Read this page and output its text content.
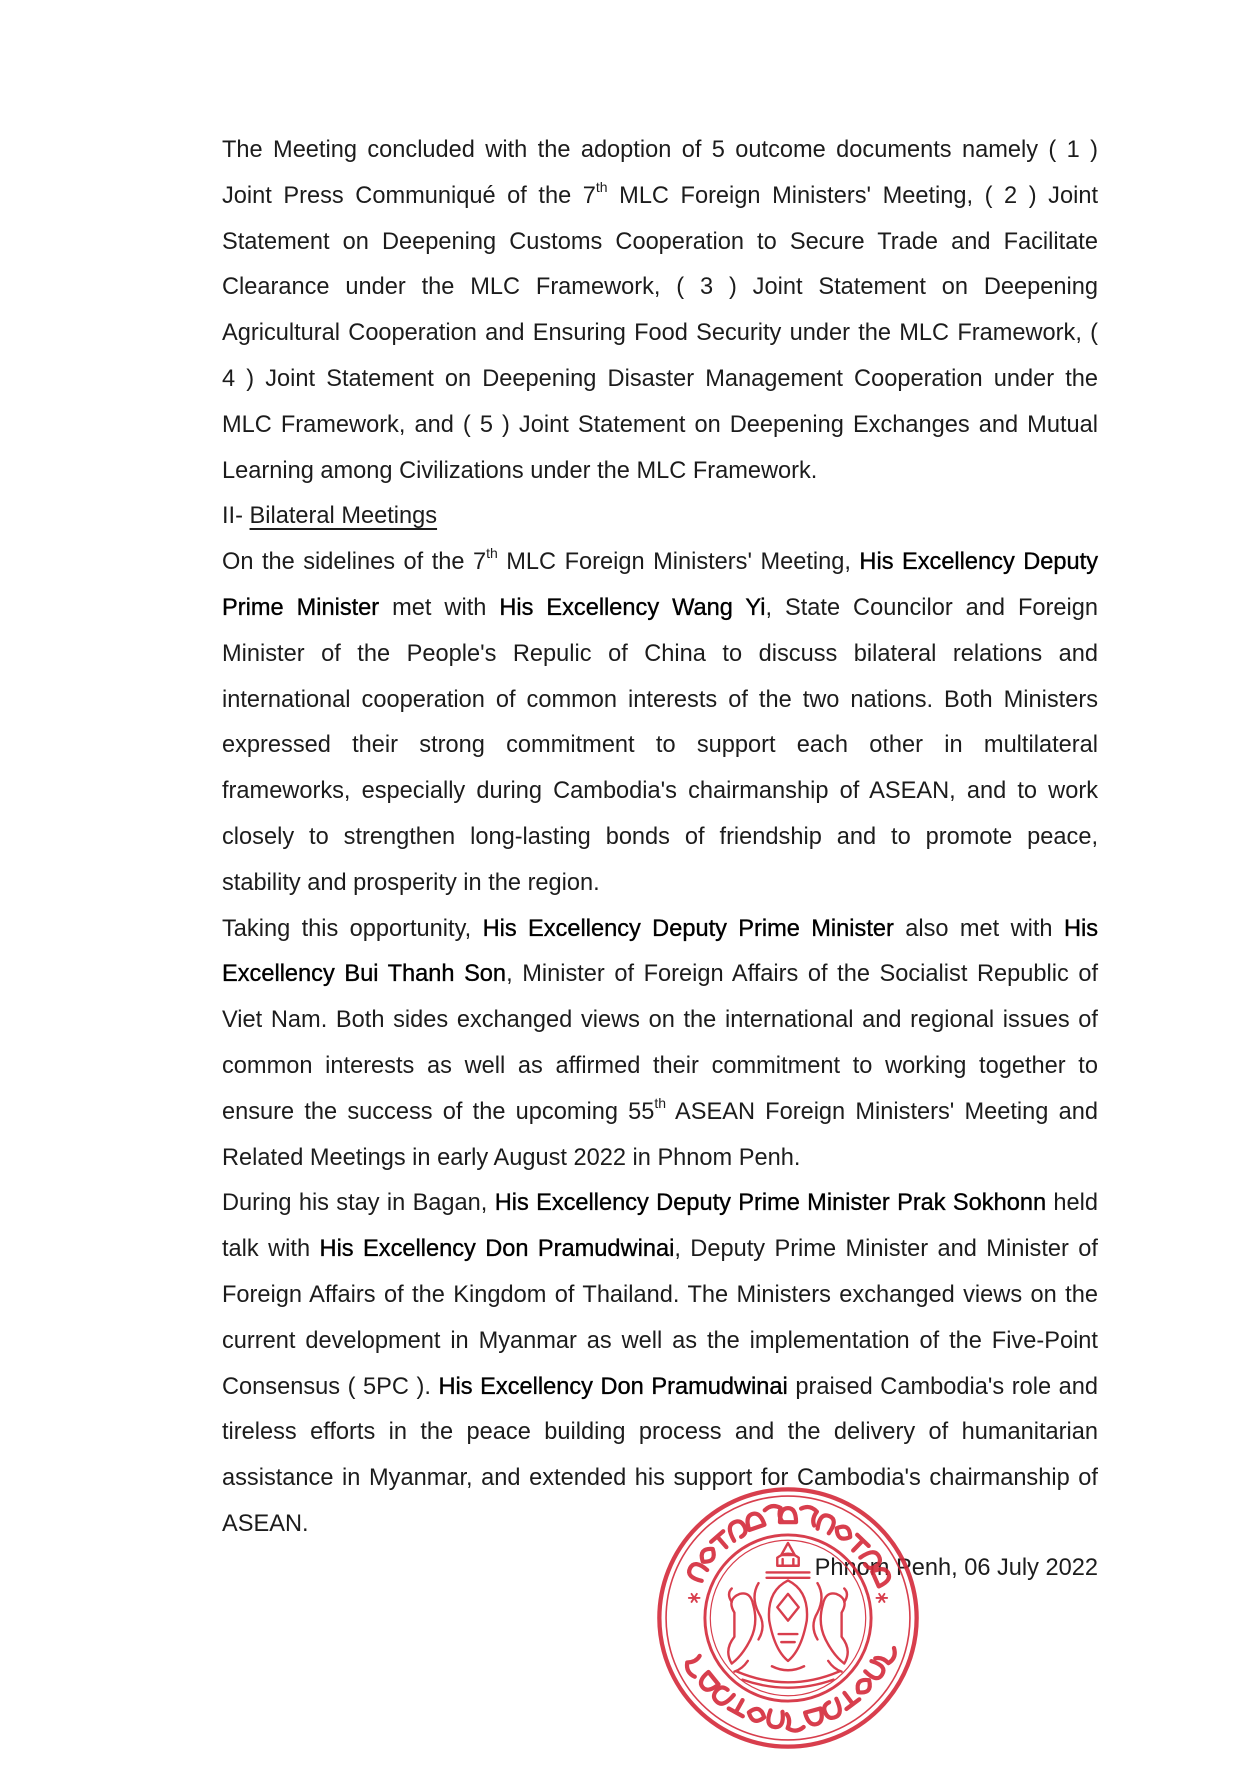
The Meeting concluded with the adoption of 5 outcome documents namely ( 1 ) Joint Press Communiqué of the 7th MLC Foreign Ministers' Meeting, ( 2 ) Joint Statement on Deepening Customs Cooperation to Secure Trade and Facilitate Clearance under the MLC Framework, ( 3 ) Joint Statement on Deepening Agricultural Cooperation and Ensuring Food Security under the MLC Framework, ( 4 ) Joint Statement on Deepening Disaster Management Cooperation under the MLC Framework, and ( 5 ) Joint Statement on Deepening Exchanges and Mutual Learning among Civilizations under the MLC Framework.

II- Bilateral Meetings

On the sidelines of the 7th MLC Foreign Ministers' Meeting, His Excellency Deputy Prime Minister met with His Excellency Wang Yi, State Councilor and Foreign Minister of the People's Repulic of China to discuss bilateral relations and international cooperation of common interests of the two nations. Both Ministers expressed their strong commitment to support each other in multilateral frameworks, especially during Cambodia's chairmanship of ASEAN, and to work closely to strengthen long-lasting bonds of friendship and to promote peace, stability and prosperity in the region.

Taking this opportunity, His Excellency Deputy Prime Minister also met with His Excellency Bui Thanh Son, Minister of Foreign Affairs of the Socialist Republic of Viet Nam. Both sides exchanged views on the international and regional issues of common interests as well as affirmed their commitment to working together to ensure the success of the upcoming 55th ASEAN Foreign Ministers' Meeting and Related Meetings in early August 2022 in Phnom Penh.

During his stay in Bagan, His Excellency Deputy Prime Minister Prak Sokhonn held talk with His Excellency Don Pramudwinai, Deputy Prime Minister and Minister of Foreign Affairs of the Kingdom of Thailand. The Ministers exchanged views on the current development in Myanmar as well as the implementation of the Five-Point Consensus ( 5PC ). His Excellency Don Pramudwinai praised Cambodia's role and tireless efforts in the peace building process and the delivery of humanitarian assistance in Myanmar, and extended his support for Cambodia's chairmanship of ASEAN.

Phnom Penh, 06 July 2022
